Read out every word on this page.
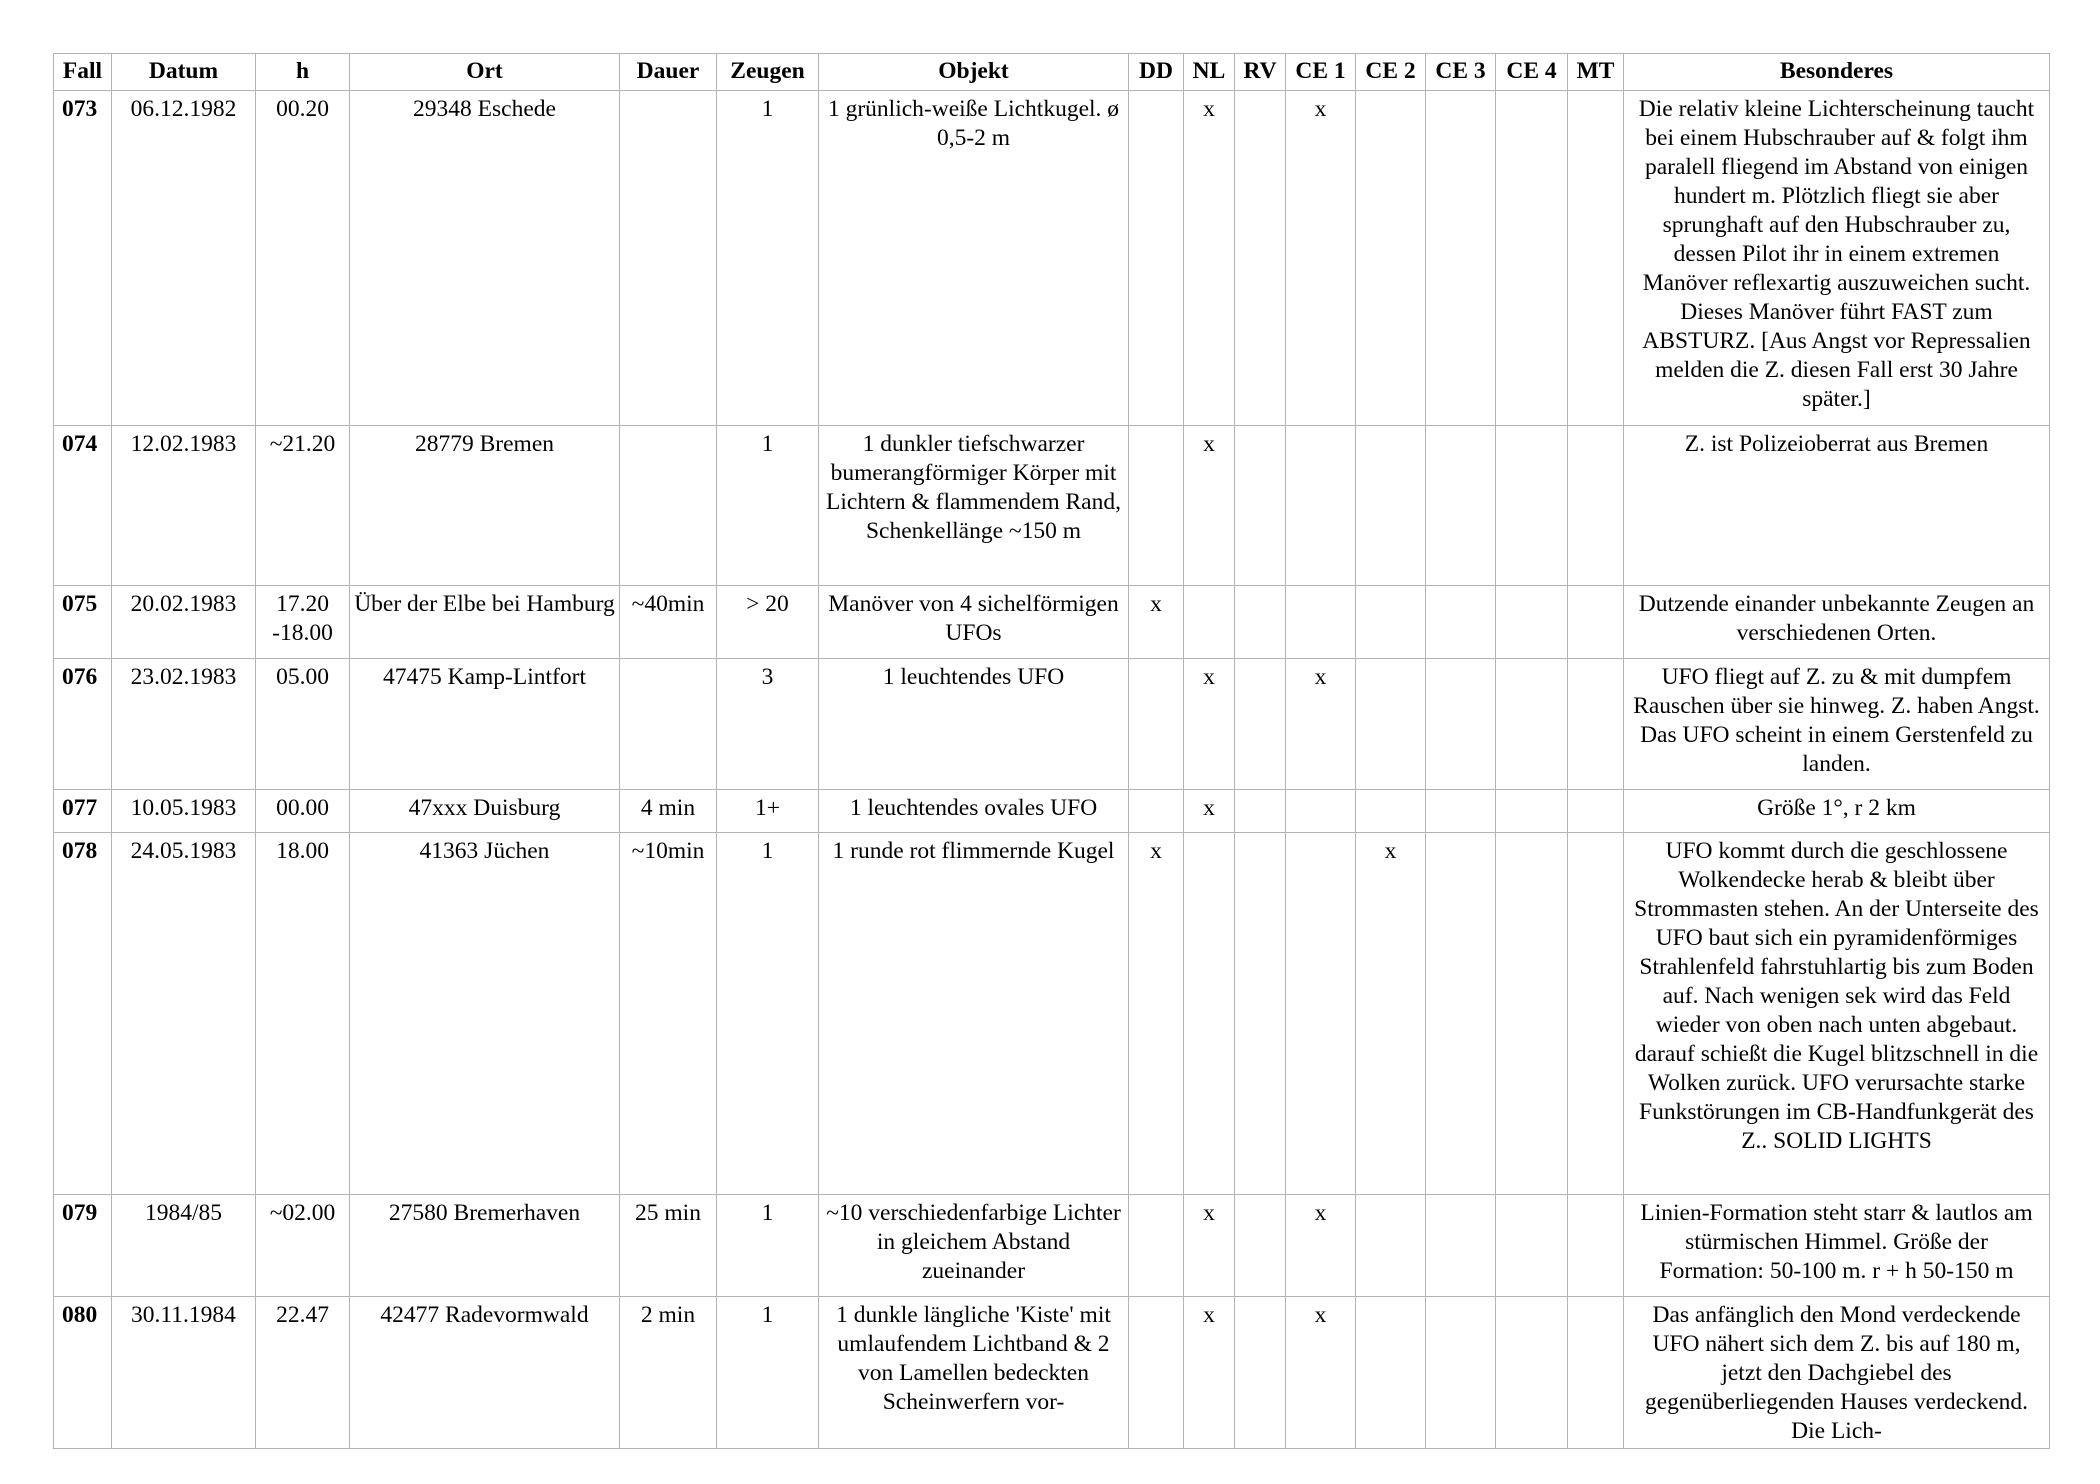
Fall	Datum	h	Ort	Dauer	Zeugen	Objekt	DD	NL	RV	CE 1	CE 2	CE 3	CE 4	MT	Besonderes
073	06.12.1982	00.20	29348 Eschede		1	1 grünlich-weiße Lichtkugel. ø 0,5-2 m		x		x					Die relativ kleine Lichterscheinung taucht bei einem Hubschrauber auf & folgt ihm paralell fliegend im Abstand von einigen hundert m. Plötzlich fliegt sie aber sprunghaft auf den Hubschrauber zu, dessen Pilot ihr in einem extremen Manöver reflexartig auszuweichen sucht. Dieses Manöver führt FAST zum ABSTURZ. [Aus Angst vor Repressalien melden die Z. diesen Fall erst 30 Jahre später.]
074	12.02.1983	~21.20	28779 Bremen		1	1 dunkler tiefschwarzer bumerangförmiger Körper mit Lichtern & flammendem Rand, Schenkellänge ~150 m		x							Z. ist Polizeioberrat aus Bremen
075	20.02.1983	17.20 -18.00	Über der Elbe bei Hamburg	~40min	> 20	Manöver von 4 sichelförmigen UFOs	x								Dutzende einander unbekannte Zeugen an verschiedenen Orten.
076	23.02.1983	05.00	47475 Kamp-Lintfort		3	1 leuchtendes UFO		x		x					UFO fliegt auf Z. zu & mit dumpfem Rauschen über sie hinweg. Z. haben Angst. Das UFO scheint in einem Gerstenfeld zu landen.
077	10.05.1983	00.00	47xxx Duisburg	4 min	1+	1 leuchtendes ovales UFO		x							Größe 1°, r 2 km
078	24.05.1983	18.00	41363 Jüchen	~10min	1	1 runde rot flimmernde Kugel	x				x				UFO kommt durch die geschlossene Wolkendecke herab & bleibt über Strommasten stehen. An der Unterseite des UFO baut sich ein pyramidenförmiges Strahlenfeld fahrstuhlartig bis zum Boden auf. Nach wenigen sek wird das Feld wieder von oben nach unten abgebaut. darauf schießt die Kugel blitzschnell in die Wolken zurück. UFO verursachte starke Funkstörungen im CB-Handfunkgerät des Z.. SOLID LIGHTS
079	1984/85	~02.00	27580 Bremerhaven	25 min	1	~10 verschiedenfarbige Lichter in gleichem Abstand zueinander		x		x					Linien-Formation steht starr & lautlos am stürmischen Himmel. Größe der Formation: 50-100 m. r + h 50-150 m
080	30.11.1984	22.47	42477 Radevormwald	2 min	1	1 dunkle längliche 'Kiste' mit umlaufendem Lichtband & 2 von Lamellen bedeckten Scheinwerfern vor-		x		x					Das anfänglich den Mond verdeckende UFO nähert sich dem Z. bis auf 180 m, jetzt den Dachgiebel des gegenüberliegenden Hauses verdeckend. Die Lich-
